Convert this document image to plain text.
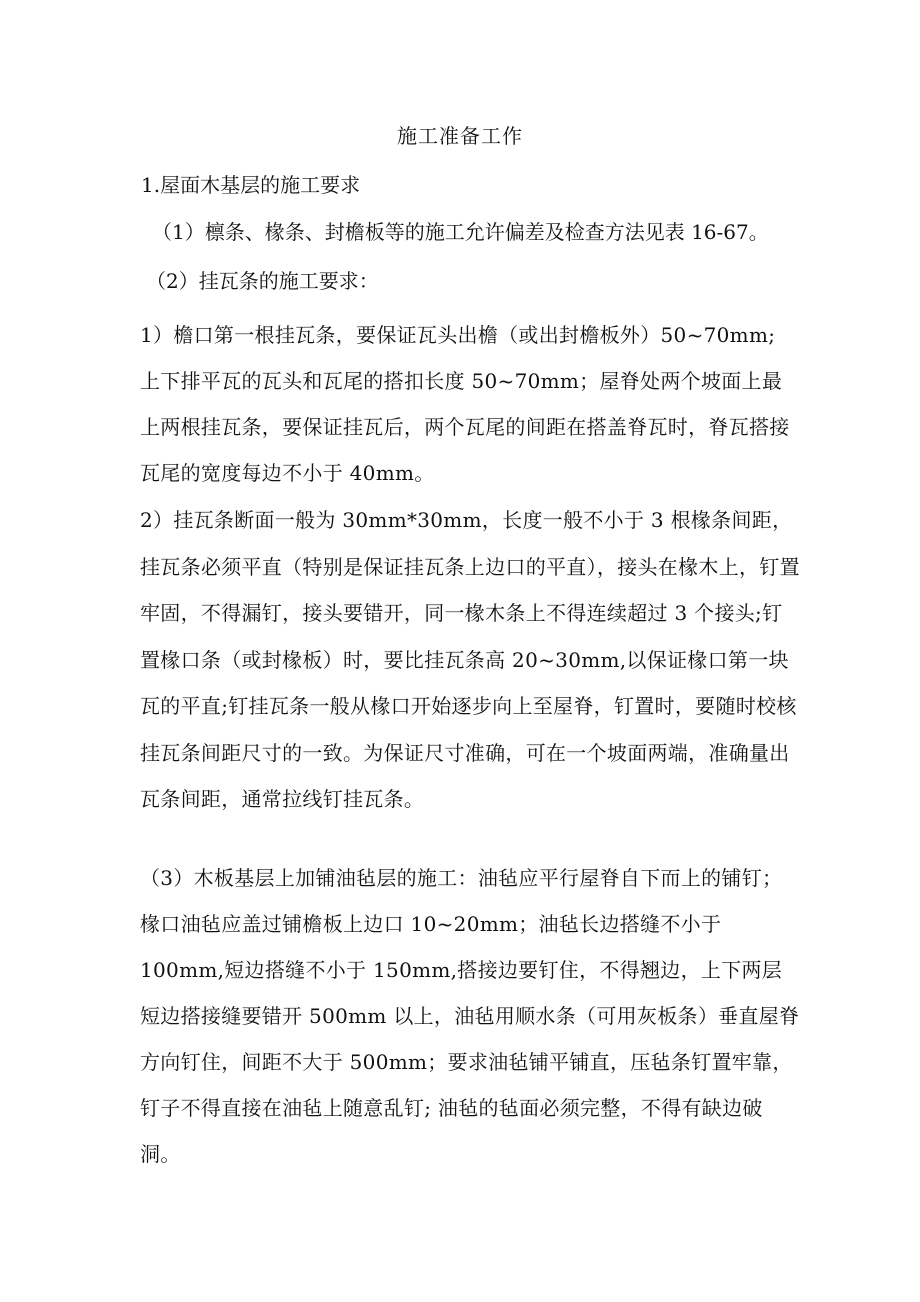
施工准备工作
1.屋面木基层的施工要求
（1）檩条、椽条、封檐板等的施工允许偏差及检查方法见表 16-67。
（2）挂瓦条的施工要求：
1）檐口第一根挂瓦条，要保证瓦头出檐（或出封檐板外）50~70mm; 上下排平瓦的瓦头和瓦尾的搭扣长度 50~70mm；屋脊处两个坡面上最上两根挂瓦条，要保证挂瓦后，两个瓦尾的间距在搭盖脊瓦时，脊瓦搭接瓦尾的宽度每边不小于 40mm。
2）挂瓦条断面一般为 30mm*30mm，长度一般不小于 3 根椽条间距，挂瓦条必须平直（特别是保证挂瓦条上边口的平直），接头在椽木上，钉置牢固，不得漏钉，接头要错开，同一椽木条上不得连续超过 3 个接头;钉置椽口条（或封椽板）时，要比挂瓦条高 20~30mm,以保证椽口第一块瓦的平直;钉挂瓦条一般从椽口开始逐步向上至屋脊，钉置时，要随时校核挂瓦条间距尺寸的一致。为保证尺寸准确，可在一个坡面两端，准确量出瓦条间距，通常拉线钉挂瓦条。
（3）木板基层上加铺油毡层的施工：油毡应平行屋脊自下而上的铺钉；椽口油毡应盖过铺檐板上边口 10~20mm；油毡长边搭缝不小于 100mm,短边搭缝不小于 150mm,搭接边要钉住，不得翘边，上下两层短边搭接缝要错开 500mm 以上，油毡用顺水条（可用灰板条）垂直屋脊方向钉住，间距不大于 500mm；要求油毡铺平铺直，压毡条钉置牢靠，钉子不得直接在油毡上随意乱钉; 油毡的毡面必须完整，不得有缺边破洞。
